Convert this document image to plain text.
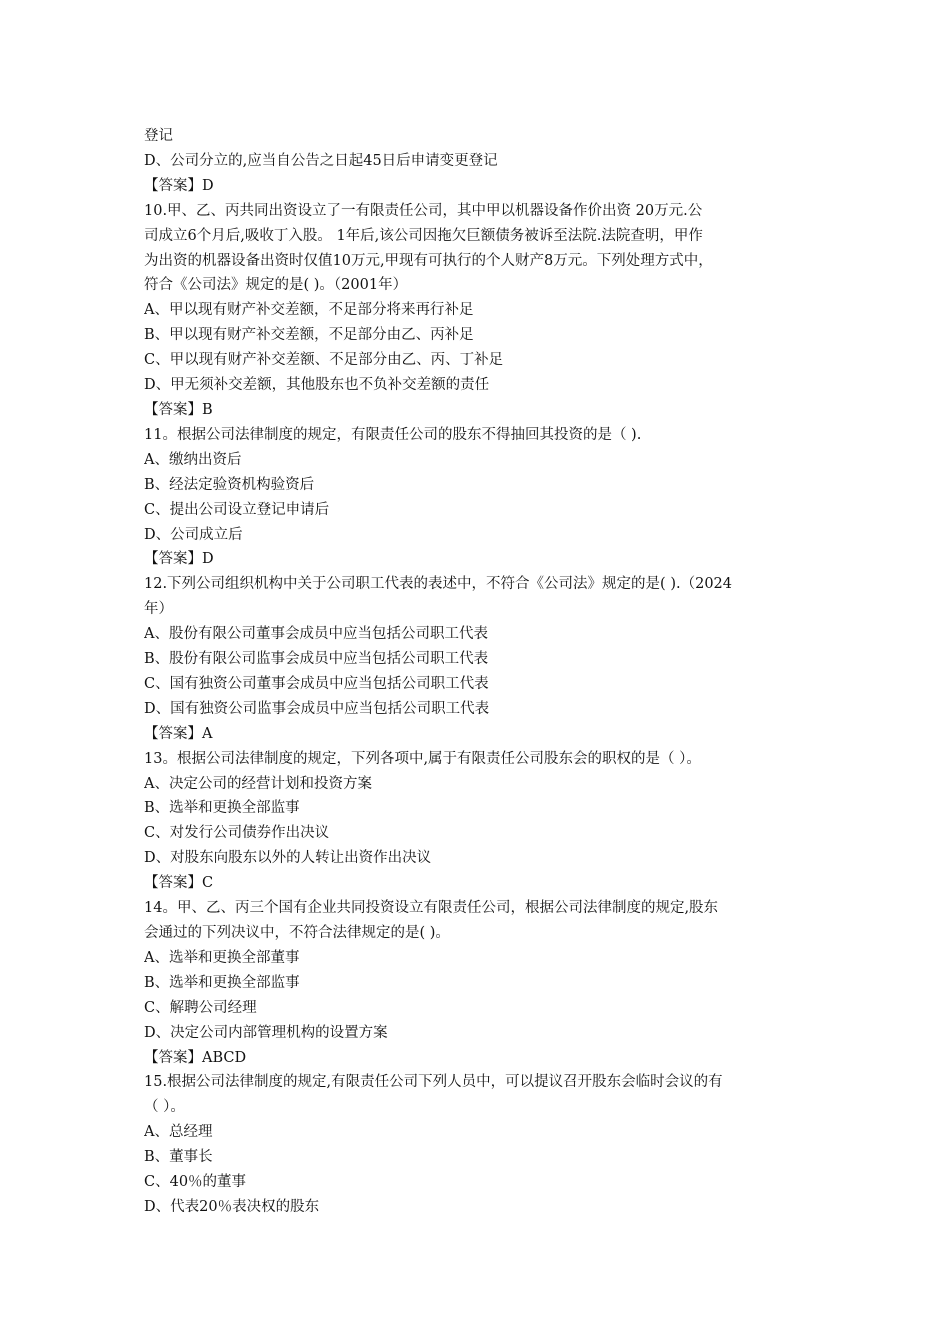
登记
D、公司分立的,应当自公告之日起45日后申请变更登记
【答案】D
10.甲、乙、丙共同出资设立了一有限责任公司，其中甲以机器设备作价出资 20万元.公
司成立6个月后,吸收丁入股。 1年后,该公司因拖欠巨额债务被诉至法院.法院查明，甲作
为出资的机器设备出资时仅值10万元,甲现有可执行的个人财产8万元。下列处理方式中，
符合《公司法》规定的是( )。（2001年）
A、甲以现有财产补交差额，不足部分将来再行补足
B、甲以现有财产补交差额，不足部分由乙、丙补足
C、甲以现有财产补交差额、不足部分由乙、丙、丁补足
D、甲无须补交差额，其他股东也不负补交差额的责任
【答案】B
11。根据公司法律制度的规定，有限责任公司的股东不得抽回其投资的是（ ).
A、缴纳出资后
B、经法定验资机构验资后
C、提出公司设立登记申请后
D、公司成立后
【答案】D
12.下列公司组织机构中关于公司职工代表的表述中，不符合《公司法》规定的是( ).（2024
年）
A、股份有限公司董事会成员中应当包括公司职工代表
B、股份有限公司监事会成员中应当包括公司职工代表
C、国有独资公司董事会成员中应当包括公司职工代表
D、国有独资公司监事会成员中应当包括公司职工代表
【答案】A
13。根据公司法律制度的规定，下列各项中,属于有限责任公司股东会的职权的是（ ）。
A、决定公司的经营计划和投资方案
B、选举和更换全部监事
C、对发行公司债券作出决议
D、对股东向股东以外的人转让出资作出决议
【答案】C
14。甲、乙、丙三个国有企业共同投资设立有限责任公司，根据公司法律制度的规定,股东
会通过的下列决议中，不符合法律规定的是( )。
A、选举和更换全部董事
B、选举和更换全部监事
C、解聘公司经理
D、决定公司内部管理机构的设置方案
【答案】ABCD
15.根据公司法律制度的规定,有限责任公司下列人员中，可以提议召开股东会临时会议的有
（ ）。
A、总经理
B、董事长
C、40％的董事
D、代表20％表决权的股东
